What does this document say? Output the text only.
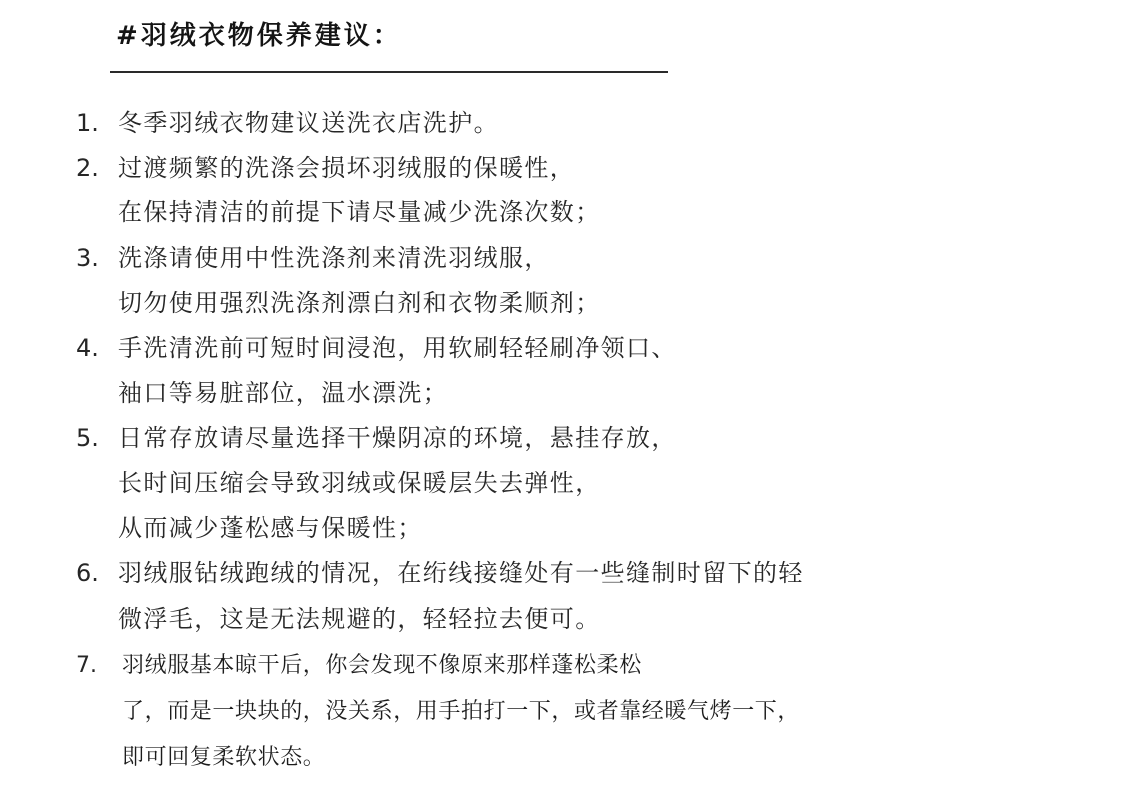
#羽绒衣物保养建议：
1. 冬季羽绒衣物建议送洗衣店洗护。
2. 过渡频繁的洗涤会损坏羽绒服的保暖性，
在保持清洁的前提下请尽量减少洗涤次数；
3. 洗涤请使用中性洗涤剂来清洗羽绒服，
切勿使用强烈洗涤剂漂白剂和衣物柔顺剂；
4. 手洗清洗前可短时间浸泡，用软刷轻轻刷净领口、
袖口等易脏部位，温水漂洗；
5. 日常存放请尽量选择干燥阴凉的环境，悬挂存放，
长时间压缩会导致羽绒或保暖层失去弹性，
从而减少蓬松感与保暖性；
6. 羽绒服钻绒跑绒的情况，在绗线接缝处有一些缝制时留下的轻
微浮毛，这是无法规避的，轻轻拉去便可。
7. 羽绒服基本晾干后，你会发现不像原来那样蓬松柔松
了，而是一块块的，没关系，用手拍打一下，或者靠经暖气烤一下，
即可回复柔软状态。
